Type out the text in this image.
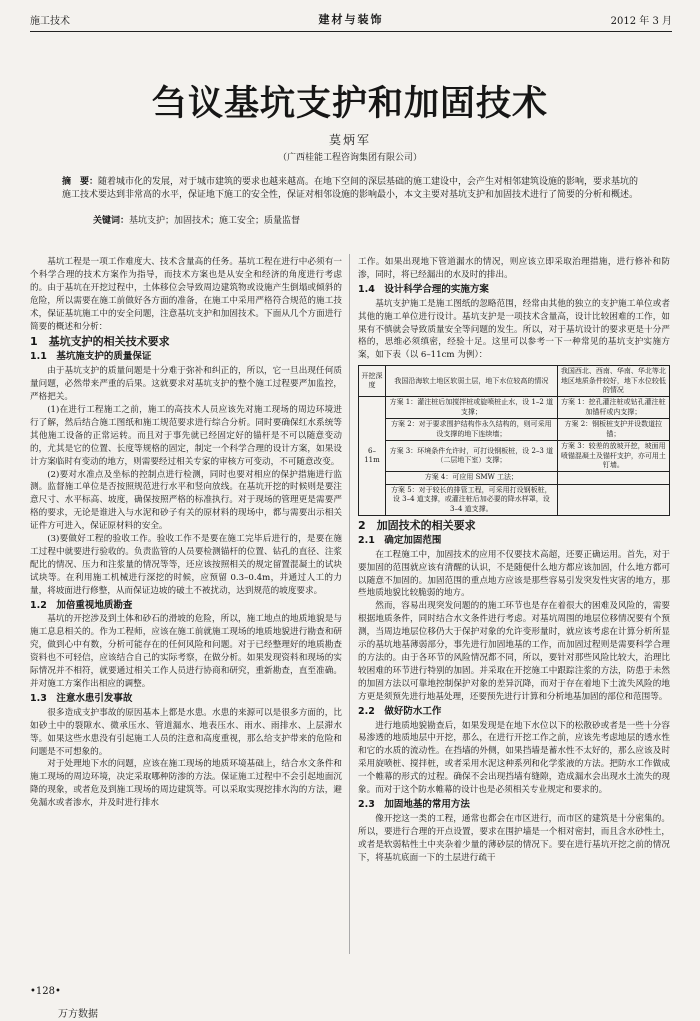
施工技术	建材与装饰	2012 年 3 月
刍议基坑支护和加固技术
莫炳军
（广西桂能工程咨询集团有限公司）
摘　要：随着城市化的发展，对于城市建筑的要求也越来越高。在地下空间的深层基础的施工建设中，会产生对相邻建筑设施的影响，要求基坑的施工技术要达到非常高的水平，保证地下施工的安全性，保证对相邻设施的影响最小，本文主要对基坑支护和加固技术进行了简要的分析和概述。
关键词：基坑支护；加固技术；施工安全；质量监督

基坑工程是一项工作难度大、技术含量高的任务。基坑工程在进行中必须有一个科学合理的技术方案作为指导，而技术方案也是从安全和经济的角度进行考虑的。由于基坑在开挖过程中，土体移位会导致周边建筑物或设施产生倒塌或倾斜的危险，所以需要在施工前做好各方面的准备，在施工中采用严格符合规范的施工技术，保证基坑施工中的安全问题，注意基坑支护和加固技术。下面从几个方面进行简要的概述和分析：

1　基坑支护的相关技术要求
1.1　基坑施支护的质量保证

由于基坑支护的质量问题是十分难于弥补和纠正的，所以，它一旦出现任何质量问题，必然带来严重的后果。这就要求对基坑支护的整个施工过程要严加监控，严格把关。

(1)在进行工程施工之前，施工的高技术人员应该先对施工现场的周边环境进行了解，然后结合施工图纸和施工规范要求进行综合分析。同时要确保红水系统等其他施工设备的正常运转。而且对于事先就已经固定好的锚杆是不可以随意变动的，尤其是它的位置、长度等规格的固定，制定一个科学合理的设计方案，如果设计方案临时有变动的地方，则需要经过相关专家的审核方可变动，不可随意改变。

(2)要对水准点及坐标的控制点进行检测，同时也要对相应的保护措施进行监测。监督施工单位是否按照规范进行水平和竖向放线。在基坑开挖的时候则是要注意尺寸、水平标高、坡度，确保按照严格的标准执行。对于现场的管理更是需要严格的要求，无论是谁进入与水泥和砂子有关的原材料的现场中，都与需要出示相关证件方可进入，保证原材料的安全。

(3)要做好工程的验收工作。验收工作不是要在施工完毕后进行的，是要在施工过程中就要进行验收的。负责监管的人员要检测锚杆的位置、钻孔的直径、注浆配比的情况、压力和注浆量的情况等等，还应该按照相关的规定留置混凝土的试块试块等。在利用施工机械进行深挖的时候，应预留 0.3–0.4m，并通过人工的力量，将坡面进行修整，从而保证边坡的破土不被扰动，达到规范的坡度要求。

1.2　加倍重视地质勘查

基坑的开挖涉及到土体和砂石的滑坡的危险，所以，施工地点的地质地貌是与施工息息相关的。作为工程师，应该在施工前就施工现场的地质地貌进行勘查和研究，做到心中有数，分析可能存在的任何风险和问题。对于已经整理好的地质勘查资料也不可轻信，应该结合自己的实际考察，在做分析。如果发现资料和现场的实际情况并不相符，就要通过相关工作人员进行协商和研究，重新勘查，直至准确。并对施工方案作出相应的调整。

1.3　注意水患引发事故

很多造成支护事故的原因基本上都是水患。水患的来源可以是很多方面的，比如砂土中的裂隙水、微承压水、管道漏水、地表压水、雨水、雨排水、上层滞水等。如果这些水患没有引起施工人员的注意和高度重视，那么给支护带来的危险和问题是不可想象的。

对于处理地下水的问题，应该在施工现场的地质环境基础上，结合水文条件和施工现场的周边环境，决定采取哪种防渗的方法。保证施工过程中不会引起地面沉降的现象，或者危及到施工现场的周边建筑等。可以采取实现挖排水沟的方法，避免漏水或者渗水，并及时进行排水

工作。如果出现地下管道漏水的情况，则应该立即采取治理措施，进行修补和防渗，同时，将已经漏出的水及时的排出。

1.4　设计科学合理的实施方案

基坑支护施工是施工图纸的忽略范围，经常由其他的独立的支护施工单位或者其他的施工单位进行设计。基坑支护是一项技术含量高，设计比较困难的工作，如果有不慎就会导致质量安全等问题的发生。所以，对于基坑设计的要求更是十分严格的，思维必须缜密，经验十足。这里可以参考一下一种常见的基坑支护实施方案，如下表（以 6–11cm 为例）：

开挖深度	我国沿海软土地区软弱土层，地下水位较高的情况	我国西北、西南、华南、华北等北地区地质条件较好，地下水位较低的情况
6–11m	方案 1：灌注桩后加搅拌桩或旋喷桩止水，设 1–2 道支撑；	方案 1：挖孔灌注桩或钻孔灌注桩加锚杆或内支撑；
	方案 2：对于要求围护结构作永久结构的，则可采用设支撑的地下连续墙；	方案 2：钢板桩支护并设数道拉锚；
	方案 3：环境条件允许时，可打设钢板桩，设 2–3 道（二层地下室）支撑；	方案 3：较差的放坡开挖，坡面用喷锚混凝土及锚杆支护，亦可用土钉墙。
	方案 4：可应用 SMW 工法；	
	方案 5：对于较长的排管工程，可采用打设钢板桩，设 3–4 道支撑，或灌注桩后加必要的降水样罩，设 3–4 道支撑。	
2　加固技术的相关要求
2.1　确定加固范围

在工程施工中，加固技术的应用不仅要技术高超，还要正确运用。首先，对于要加固的范围就应该有清醒的认识，不是随便什么地方都应该加固，什么地方都可以随意不加固的。加固范围的重点地方应该是那些容易引发突发性灾害的地方，那些地质地貌比较脆弱的地方。

然而，容易出现突发问题的的施工环节也是存在着很大的困难及风险的，需要根据地质条件，同时结合水文条件进行考虑。对基坑周围的地层位移情况要有个预测，当周边地层位移仍大于保护对象的允许变形量时，就应该考虑在计算分析所显示的基坑地基薄弱部分，事先进行加固地基的工作，而加固过程则是需要科学合理的方法的。由于各环节的风险情况都不同，所以，要针对那些风险比较大，治理比较困难的环节进行特别的加固。并采取在开挖施工中跟踪注浆的方法，防患于未然的加固方法以可靠地控制保护对象的差异沉降，而对于存在着地下土流失风险的地方更是须预先进行地基处理，还要预先进行计算和分析地基加固的部位和范围等。

2.2　做好防水工作

进行地质地貌勘查后，如果发现是在地下水位以下的松散砂或者是一些十分容易渗透的地质地层中开挖，那么，在进行开挖工作之前，应该先考虑地层的透水性和它的水质的流动性。在挡墙的外侧，如果挡墙是蓄水性不太好的，那么应该及时采用旋喷桩、搅拌桩，或者采用水泥这种系列和化学浆液的方法。把防水工作做成一个帷幕的形式的过程。确保不会出现挡墙有缝隙，造成漏水会出现水土流失的现象。而对于这个防水帷幕的设计也是必须相关专业规定和要求的。

2.3　加固地基的常用方法

像开挖这一类的工程，通常也都会在市区进行，而市区的建筑是十分密集的。所以，要进行合理的开点设置，要求在围护墙是一个相对密封，而且含水砂性土，或者是软弱粘性土中夹杂着少量的薄砂层的情况下。要在进行基坑开挖之前的情况下，将基坑底面一下的土层进行疏干

•128•
万方数据
